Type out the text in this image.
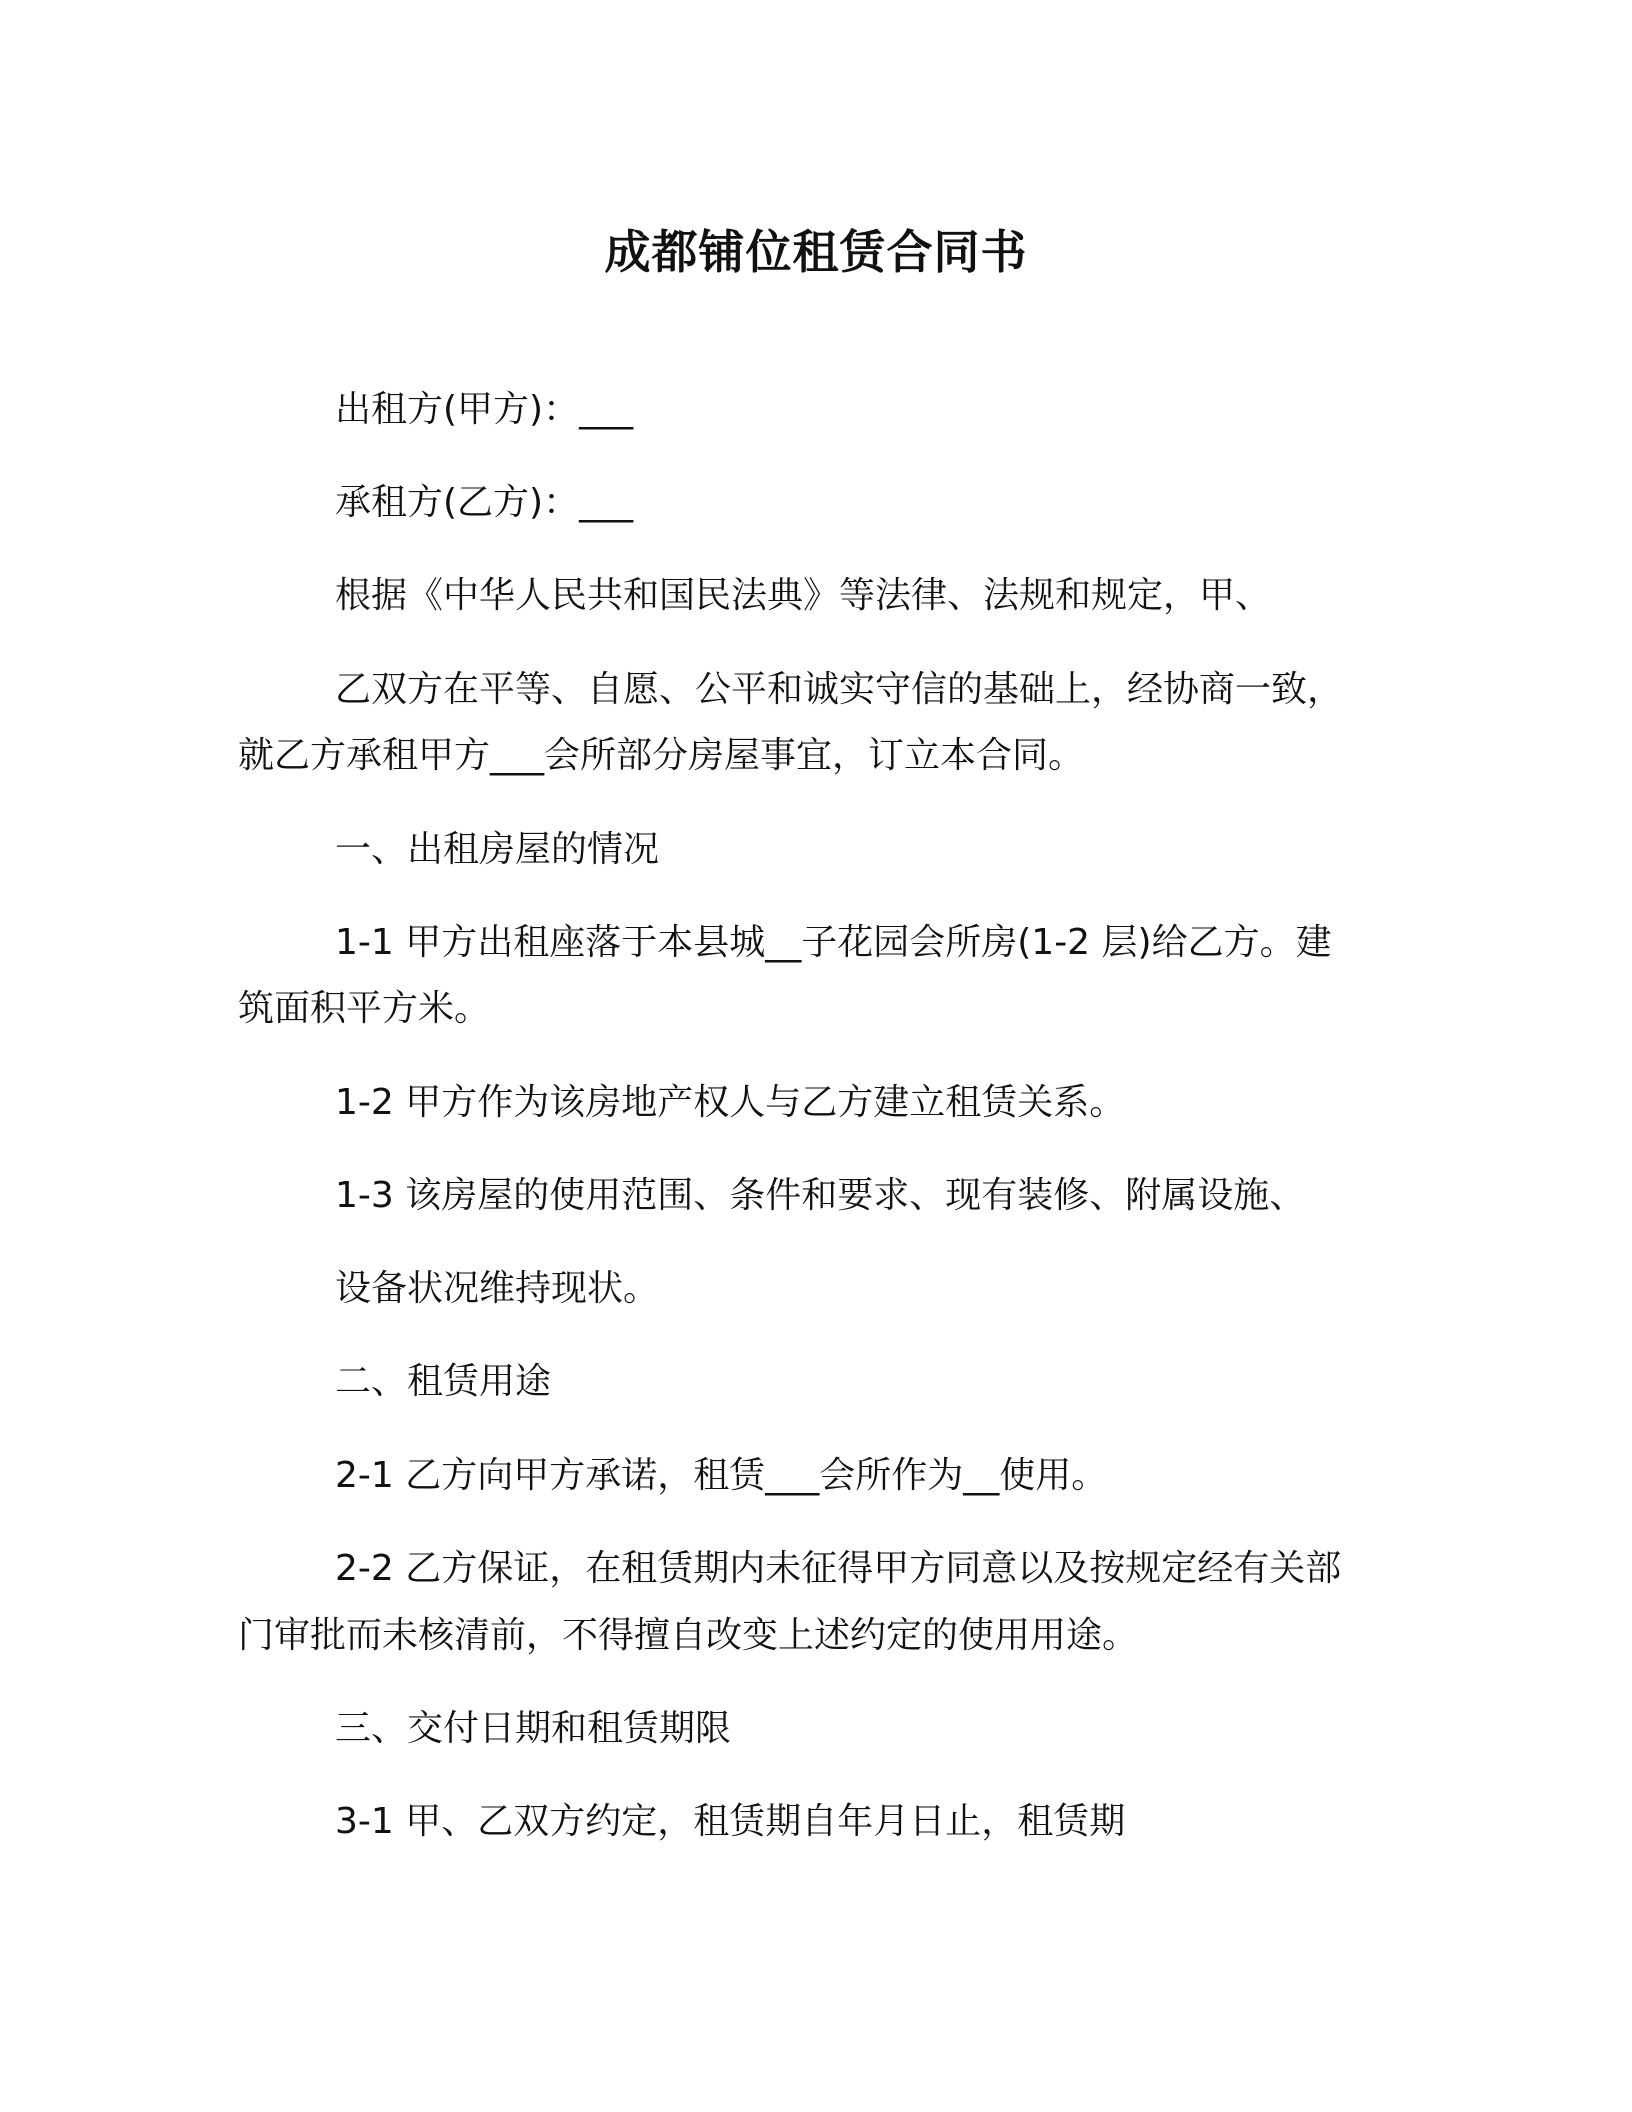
成都铺位租赁合同书
出租方(甲方)：___
承租方(乙方)：___
根据《中华人民共和国民法典》等法律、法规和规定，甲、
乙双方在平等、自愿、公平和诚实守信的基础上，经协商一致，
就乙方承租甲方___会所部分房屋事宜，订立本合同。
一、出租房屋的情况
1-1 甲方出租座落于本县城__子花园会所房(1-2 层)给乙方。建
筑面积平方米。
1-2 甲方作为该房地产权人与乙方建立租赁关系。
1-3 该房屋的使用范围、条件和要求、现有装修、附属设施、
设备状况维持现状。
二、租赁用途
2-1 乙方向甲方承诺，租赁___会所作为__使用。
2-2 乙方保证，在租赁期内未征得甲方同意以及按规定经有关部
门审批而未核清前，不得擅自改变上述约定的使用用途。
三、交付日期和租赁期限
3-1 甲、乙双方约定，租赁期自年月日止，租赁期
